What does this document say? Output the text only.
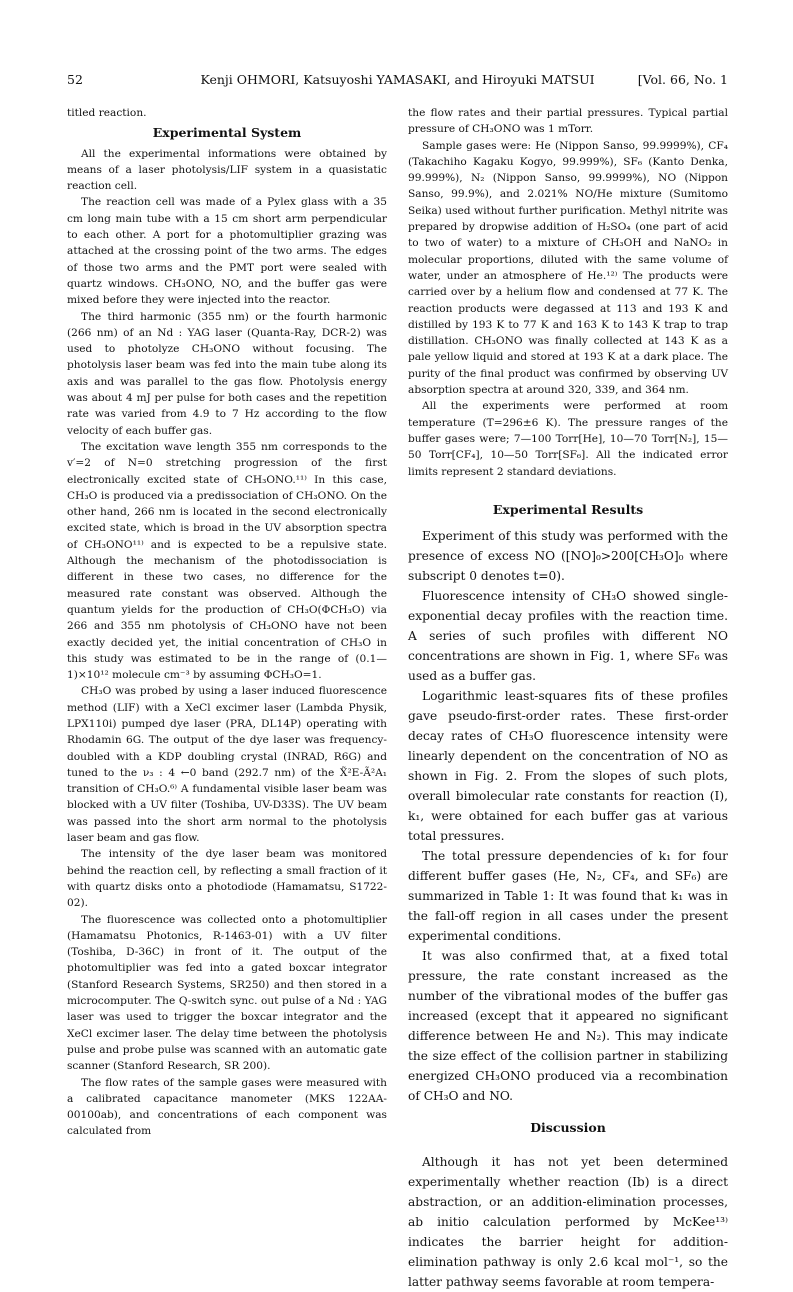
52	Kenji OHMORI, Katsuyoshi YAMASAKI, and Hiroyuki MATSUI	[Vol. 66, No. 1

titled reaction.

Experimental System

All the experimental informations were obtained by means of a laser photolysis/LIF system in a quasistatic reaction cell.

The reaction cell was made of a Pylex glass with a 35 cm long main tube with a 15 cm short arm perpendicular to each other. A port for a photomultiplier grazing was attached at the crossing point of the two arms. The edges of those two arms and the PMT port were sealed with quartz windows. CH₃ONO, NO, and the buffer gas were mixed before they were injected into the reactor.

The third harmonic (355 nm) or the fourth harmonic (266 nm) of an Nd : YAG laser (Quanta-Ray, DCR-2) was used to photolyze CH₃ONO without focusing. The photolysis laser beam was fed into the main tube along its axis and was parallel to the gas flow. Photolysis energy was about 4 mJ per pulse for both cases and the repetition rate was varied from 4.9 to 7 Hz according to the flow velocity of each buffer gas.

The excitation wave length 355 nm corresponds to the v′=2 of N=0 stretching progression of the first electronically excited state of CH₃ONO.¹¹⁾ In this case, CH₃O is produced via a predissociation of CH₃ONO. On the other hand, 266 nm is located in the second electronically excited state, which is broad in the UV absorption spectra of CH₃ONO¹¹⁾ and is expected to be a repulsive state. Although the mechanism of the photodissociation is different in these two cases, no difference for the measured rate constant was observed. Although the quantum yields for the production of CH₃O(ΦCH₃O) via 266 and 355 nm photolysis of CH₃ONO have not been exactly decided yet, the initial concentration of CH₃O in this study was estimated to be in the range of (0.1—1)×10¹² molecule cm⁻³ by assuming ΦCH₃O=1.

CH₃O was probed by using a laser induced fluorescence method (LIF) with a XeCl excimer laser (Lambda Physik, LPX110i) pumped dye laser (PRA, DL14P) operating with Rhodamin 6G. The output of the dye laser was frequency-doubled with a KDP doubling crystal (INRAD, R6G) and tuned to the ν₃ : 4 ←0 band (292.7 nm) of the X̃²E-Ã²A₁ transition of CH₃O.⁶⁾ A fundamental visible laser beam was blocked with a UV filter (Toshiba, UV-D33S). The UV beam was passed into the short arm normal to the photolysis laser beam and gas flow.

The intensity of the dye laser beam was monitored behind the reaction cell, by reflecting a small fraction of it with quartz disks onto a photodiode (Hamamatsu, S1722-02).

The fluorescence was collected onto a photomultiplier (Hamamatsu Photonics, R-1463-01) with a UV filter (Toshiba, D-36C) in front of it. The output of the photomultiplier was fed into a gated boxcar integrator (Stanford Research Systems, SR250) and then stored in a microcomputer. The Q-switch sync. out pulse of a Nd : YAG laser was used to trigger the boxcar integrator and the XeCl excimer laser. The delay time between the photolysis pulse and probe pulse was scanned with an automatic gate scanner (Stanford Research, SR 200).

The flow rates of the sample gases were measured with a calibrated capacitance manometer (MKS 122AA-00100ab), and concentrations of each component was calculated from

the flow rates and their partial pressures. Typical partial pressure of CH₃ONO was 1 mTorr.

Sample gases were: He (Nippon Sanso, 99.9999%), CF₄ (Takachiho Kagaku Kogyo, 99.999%), SF₆ (Kanto Denka, 99.999%), N₂ (Nippon Sanso, 99.9999%), NO (Nippon Sanso, 99.9%), and 2.021% NO/He mixture (Sumitomo Seika) used without further purification. Methyl nitrite was prepared by dropwise addition of H₂SO₄ (one part of acid to two of water) to a mixture of CH₃OH and NaNO₂ in molecular proportions, diluted with the same volume of water, under an atmosphere of He.¹²⁾ The products were carried over by a helium flow and condensed at 77 K. The reaction products were degassed at 113 and 193 K and distilled by 193 K to 77 K and 163 K to 143 K trap to trap distillation. CH₃ONO was finally collected at 143 K as a pale yellow liquid and stored at 193 K at a dark place. The purity of the final product was confirmed by observing UV absorption spectra at around 320, 339, and 364 nm.

All the experiments were performed at room temperature (T=296±6 K). The pressure ranges of the buffer gases were; 7—100 Torr[He], 10—70 Torr[N₂], 15—50 Torr[CF₄], 10—50 Torr[SF₆]. All the indicated error limits represent 2 standard deviations.

Experimental Results

Experiment of this study was performed with the presence of excess NO ([NO]₀>200[CH₃O]₀ where subscript 0 denotes t=0).

Fluorescence intensity of CH₃O showed single-exponential decay profiles with the reaction time. A series of such profiles with different NO concentrations are shown in Fig. 1, where SF₆ was used as a buffer gas.

Logarithmic least-squares fits of these profiles gave pseudo-first-order rates. These first-order decay rates of CH₃O fluorescence intensity were linearly dependent on the concentration of NO as shown in Fig. 2. From the slopes of such plots, overall bimolecular rate constants for reaction (I), k₁, were obtained for each buffer gas at various total pressures.

The total pressure dependencies of k₁ for four different buffer gases (He, N₂, CF₄, and SF₆) are summarized in Table 1: It was found that k₁ was in the fall-off region in all cases under the present experimental conditions.

It was also confirmed that, at a fixed total pressure, the rate constant increased as the number of the vibrational modes of the buffer gas increased (except that it appeared no significant difference between He and N₂). This may indicate the size effect of the collision partner in stabilizing energized CH₃ONO produced via a recombination of CH₃O and NO.

Discussion

Although it has not yet been determined experimentally whether reaction (Ib) is a direct abstraction, or an addition-elimination processes, ab initio calculation performed by McKee¹³⁾ indicates the barrier height for addition-elimination pathway is only 2.6 kcal mol⁻¹, so the latter pathway seems favorable at room tempera-
